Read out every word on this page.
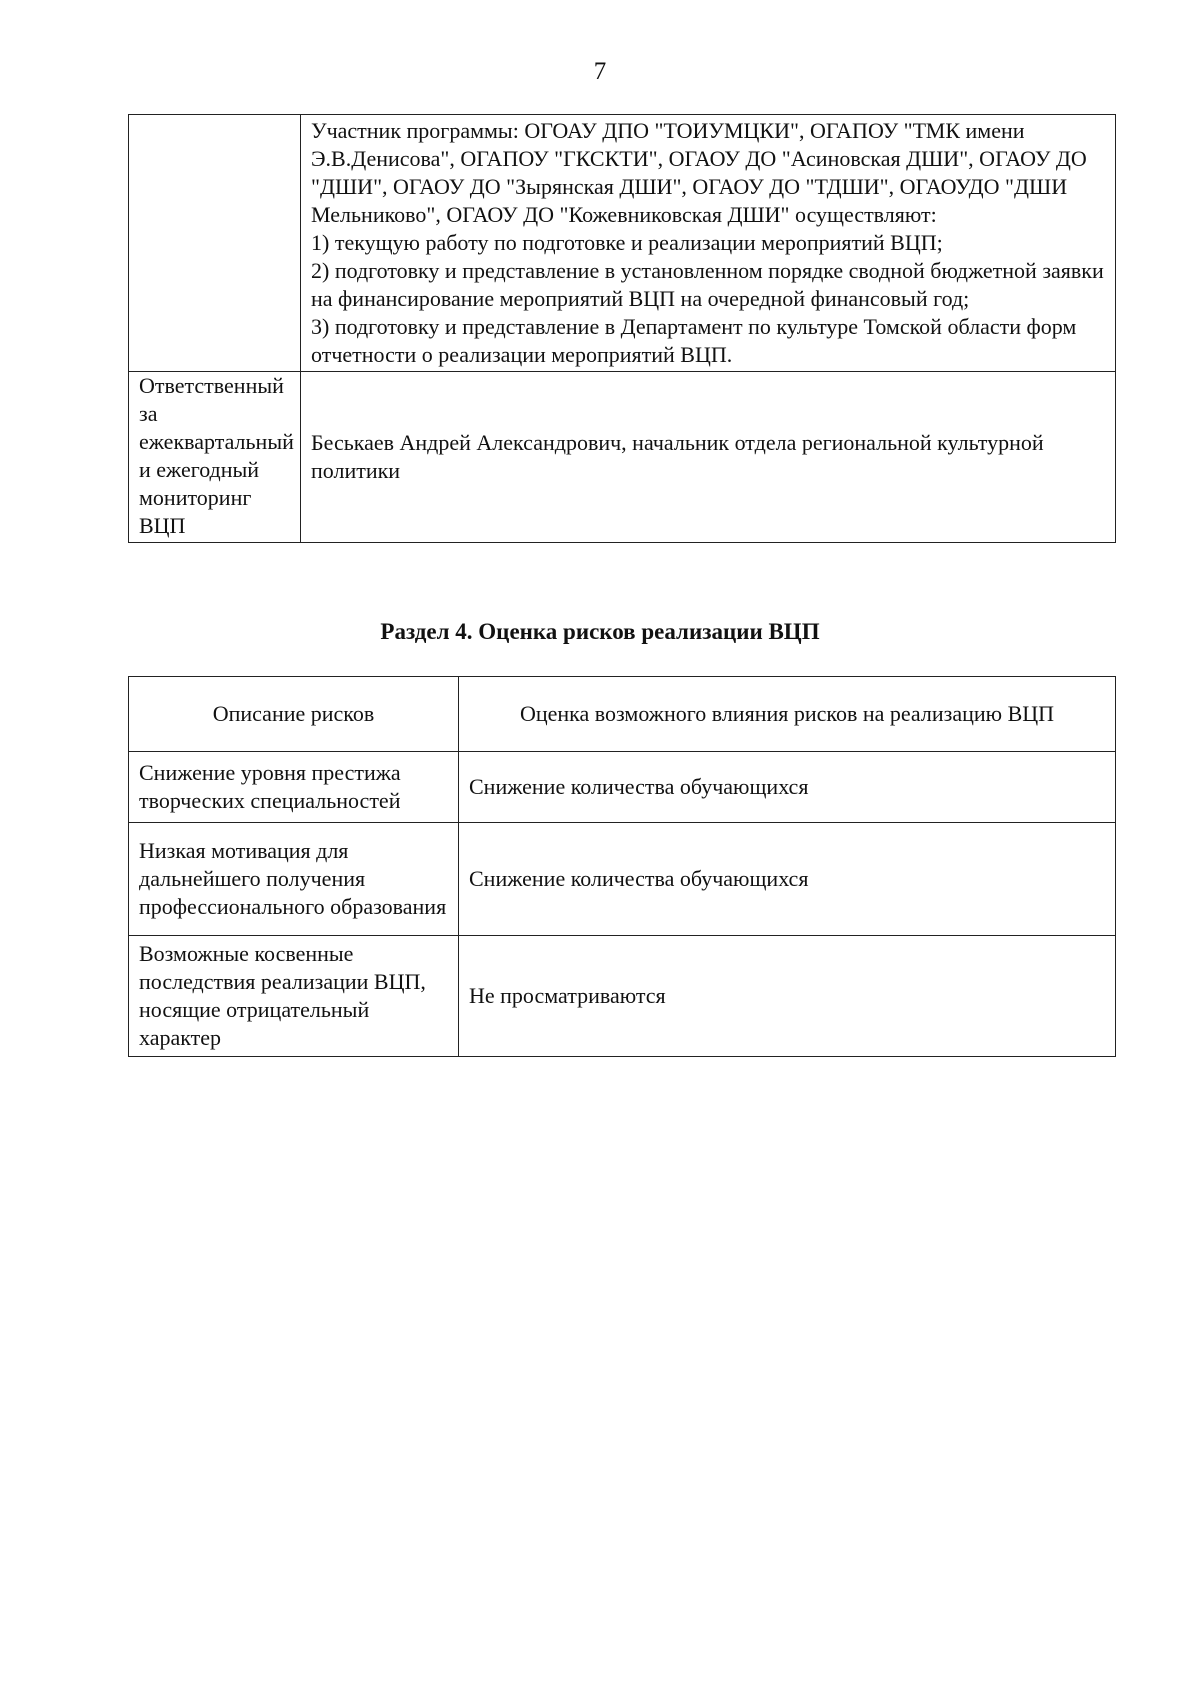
7

	Участник программы: ОГОАУ ДПО "ТОИУМЦКИ", ОГАПОУ "ТМК имени Э.В.Денисова", ОГАПОУ "ГКСКТИ", ОГАОУ ДО "Асиновская ДШИ", ОГАОУ ДО "ДШИ", ОГАОУ ДО "Зырянская ДШИ", ОГАОУ ДО "ТДШИ", ОГАОУДО "ДШИ Мельниково", ОГАОУ ДО "Кожевниковская ДШИ" осуществляют:
1) текущую работу по подготовке и реализации мероприятий ВЦП;
2) подготовку и представление в установленном порядке сводной бюджетной заявки на финансирование мероприятий ВЦП на очередной финансовый год;
3) подготовку и представление в Департамент по культуре Томской области форм отчетности о реализации мероприятий ВЦП.

Ответственный за ежеквартальный и ежегодный мониторинг ВЦП	Беськаев Андрей Александрович, начальник отдела региональной культурной политики
Раздел 4. Оценка рисков реализации ВЦП
Описание рисков	Оценка возможного влияния рисков на реализацию ВЦП
Снижение уровня престижа творческих специальностей	Снижение количества обучающихся
Низкая мотивация для дальнейшего получения профессионального образования	Снижение количества обучающихся
Возможные косвенные последствия реализации ВЦП, носящие отрицательный характер	Не просматриваются
